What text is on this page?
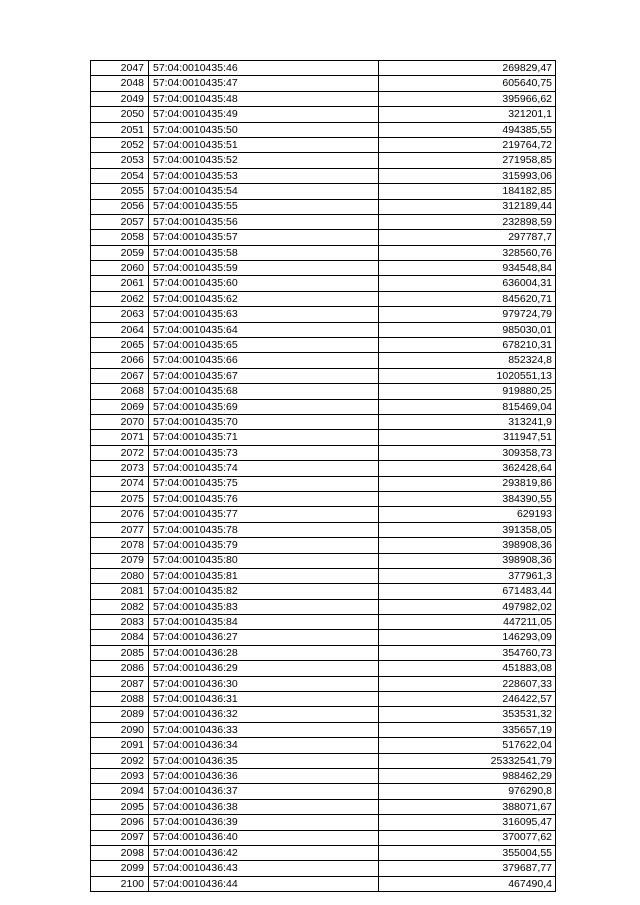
2047	57:04:0010435:46	269829,47
2048	57:04:0010435:47	605640,75
2049	57:04:0010435:48	395966,62
2050	57:04:0010435:49	321201,1
2051	57:04:0010435:50	494385,55
2052	57:04:0010435:51	219764,72
2053	57:04:0010435:52	271958,85
2054	57:04:0010435:53	315993,06
2055	57:04:0010435:54	184182,85
2056	57:04:0010435:55	312189,44
2057	57:04:0010435:56	232898,59
2058	57:04:0010435:57	297787,7
2059	57:04:0010435:58	328560,76
2060	57:04:0010435:59	934548,84
2061	57:04:0010435:60	636004,31
2062	57:04:0010435:62	845620,71
2063	57:04:0010435:63	979724,79
2064	57:04:0010435:64	985030,01
2065	57:04:0010435:65	678210,31
2066	57:04:0010435:66	852324,8
2067	57:04:0010435:67	1020551,13
2068	57:04:0010435:68	919880,25
2069	57:04:0010435:69	815469,04
2070	57:04:0010435:70	313241,9
2071	57:04:0010435:71	311947,51
2072	57:04:0010435:73	309358,73
2073	57:04:0010435:74	362428,64
2074	57:04:0010435:75	293819,86
2075	57:04:0010435:76	384390,55
2076	57:04:0010435:77	629193
2077	57:04:0010435:78	391358,05
2078	57:04:0010435:79	398908,36
2079	57:04:0010435:80	398908,36
2080	57:04:0010435:81	377961,3
2081	57:04:0010435:82	671483,44
2082	57:04:0010435:83	497982,02
2083	57:04:0010435:84	447211,05
2084	57:04:0010436:27	146293,09
2085	57:04:0010436:28	354760,73
2086	57:04:0010436:29	451883,08
2087	57:04:0010436:30	228607,33
2088	57:04:0010436:31	246422,57
2089	57:04:0010436:32	353531,32
2090	57:04:0010436:33	335657,19
2091	57:04:0010436:34	517622,04
2092	57:04:0010436:35	25332541,79
2093	57:04:0010436:36	988462,29
2094	57:04:0010436:37	976290,8
2095	57:04:0010436:38	388071,67
2096	57:04:0010436:39	316095,47
2097	57:04:0010436:40	370077,62
2098	57:04:0010436:42	355004,55
2099	57:04:0010436:43	379687,77
2100	57:04:0010436:44	467490,4
